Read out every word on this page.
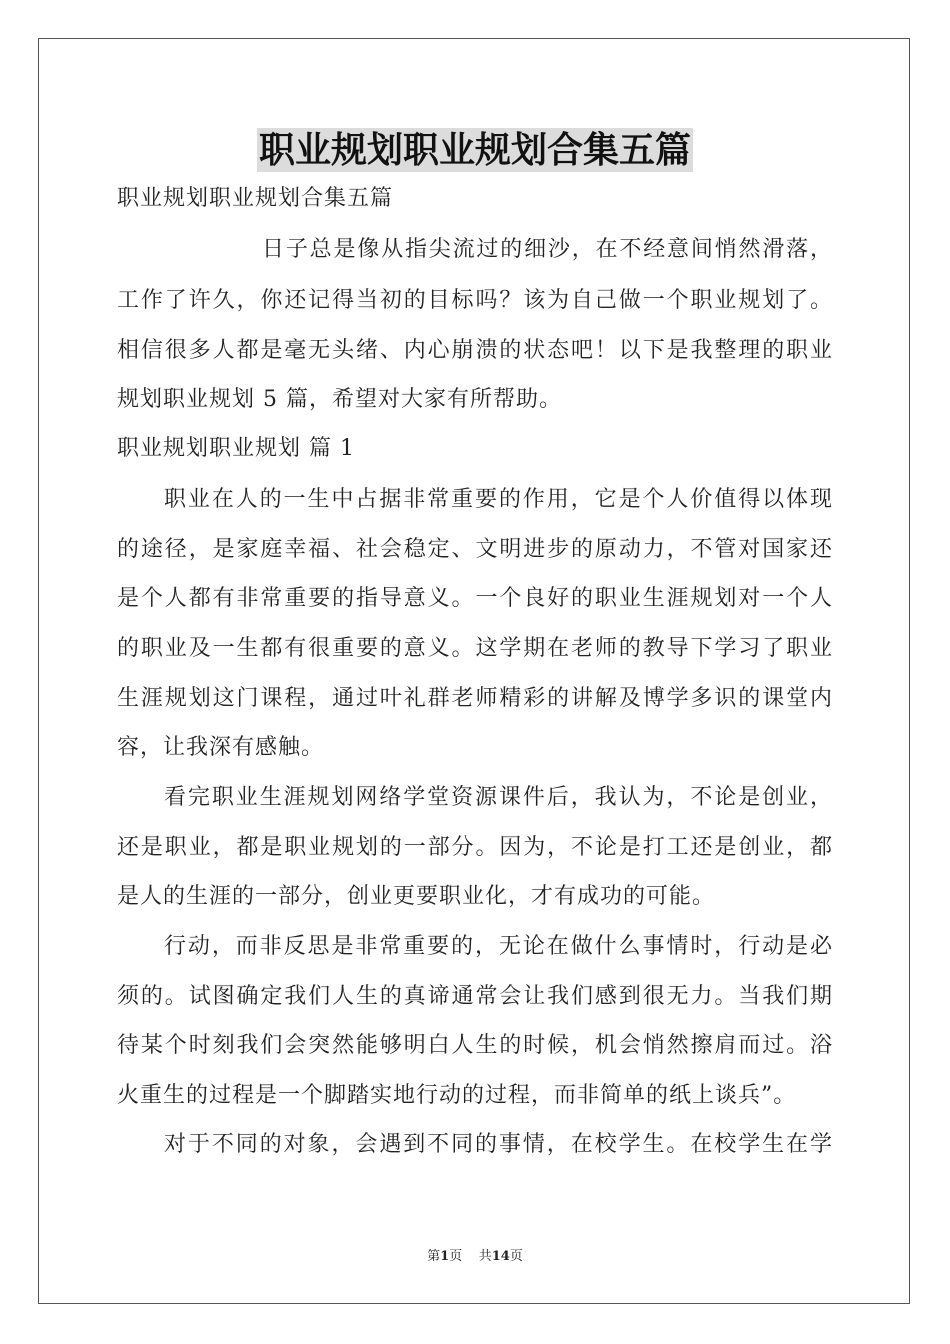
职业规划职业规划合集五篇
职业规划职业规划合集五篇
日子总是像从指尖流过的细沙，在不经意间悄然滑落，
工作了许久，你还记得当初的目标吗？该为自己做一个职业规划了。
相信很多人都是毫无头绪、内心崩溃的状态吧！以下是我整理的职业
规划职业规划 5 篇，希望对大家有所帮助。
职业规划职业规划 篇 1
职业在人的一生中占据非常重要的作用，它是个人价值得以体现
的途径，是家庭幸福、社会稳定、文明进步的原动力，不管对国家还
是个人都有非常重要的指导意义。一个良好的职业生涯规划对一个人
的职业及一生都有很重要的意义。这学期在老师的教导下学习了职业
生涯规划这门课程，通过叶礼群老师精彩的讲解及博学多识的课堂内
容，让我深有感触。
看完职业生涯规划网络学堂资源课件后，我认为，不论是创业，
还是职业，都是职业规划的一部分。因为，不论是打工还是创业，都
是人的生涯的一部分，创业更要职业化，才有成功的可能。
行动，而非反思是非常重要的，无论在做什么事情时，行动是必
须的。试图确定我们人生的真谛通常会让我们感到很无力。当我们期
待某个时刻我们会突然能够明白人生的时候，机会悄然擦肩而过。浴
火重生的过程是一个脚踏实地行动的过程，而非简单的纸上谈兵”。
对于不同的对象，会遇到不同的事情，在校学生。在校学生在学
第1页    共14页
